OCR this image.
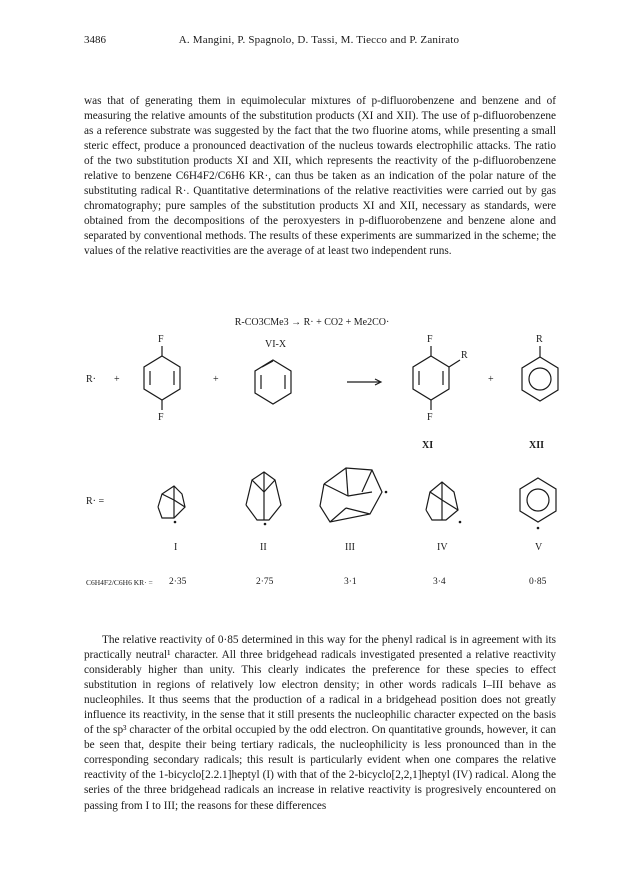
3486	A. Mangini, P. Spagnolo, D. Tassi, M. Tiecco and P. Zanirato

was that of generating them in equimolecular mixtures of p-difluorobenzene and benzene and of measuring the relative amounts of the substitution products (XI and XII). The use of p-difluorobenzene as a reference substrate was suggested by the fact that the two fluorine atoms, while presenting a small steric effect, produce a pronounced deactivation of the nucleus towards electrophilic attacks. The ratio of the two substitution products XI and XII, which represents the reactivity of the p-difluorobenzene relative to benzene C6H4F2/C6H6 KR·, can thus be taken as an indication of the polar nature of the substituting radical R·. Quantitative determinations of the relative reactivities were carried out by gas chromatography; pure samples of the substitution products XI and XII, necessary as standards, were obtained from the decompositions of the peroxyesters in p-difluorobenzene and benzene alone and separated by conventional methods. The results of these experiments are summarized in the scheme; the values of the relative reactivities are the average of at least two independent runs.

R-CO3CMe3 → R· + CO2 + Me2CO·
VI-X
R· +	+	+
F
F
F
F
R
R
XI	XII
R· =
I	II	III	IV	V
C6H4F2/C6H6 KR· = 2·35	2·75	3·1	3·4	0·85

The relative reactivity of 0·85 determined in this way for the phenyl radical is in agreement with its practically neutral¹ character. All three bridgehead radicals investigated presented a relative reactivity considerably higher than unity. This clearly indicates the preference for these species to effect substitution in regions of relatively low electron density; in other words radicals I–III behave as nucleophiles. It thus seems that the production of a radical in a bridgehead position does not greatly influence its reactivity, in the sense that it still presents the nucleophilic character expected on the basis of the sp³ character of the orbital occupied by the odd electron. On quantitative grounds, however, it can be seen that, despite their being tertiary radicals, the nucleophilicity is less pronounced than in the corresponding secondary radicals; this result is particularly evident when one compares the relative reactivity of the 1-bicyclo[2.2.1]heptyl (I) with that of the 2-bicyclo[2,2,1]heptyl (IV) radical. Along the series of the three bridgehead radicals an increase in relative reactivity is progresively encountered on passing from I to III; the reasons for these differences
